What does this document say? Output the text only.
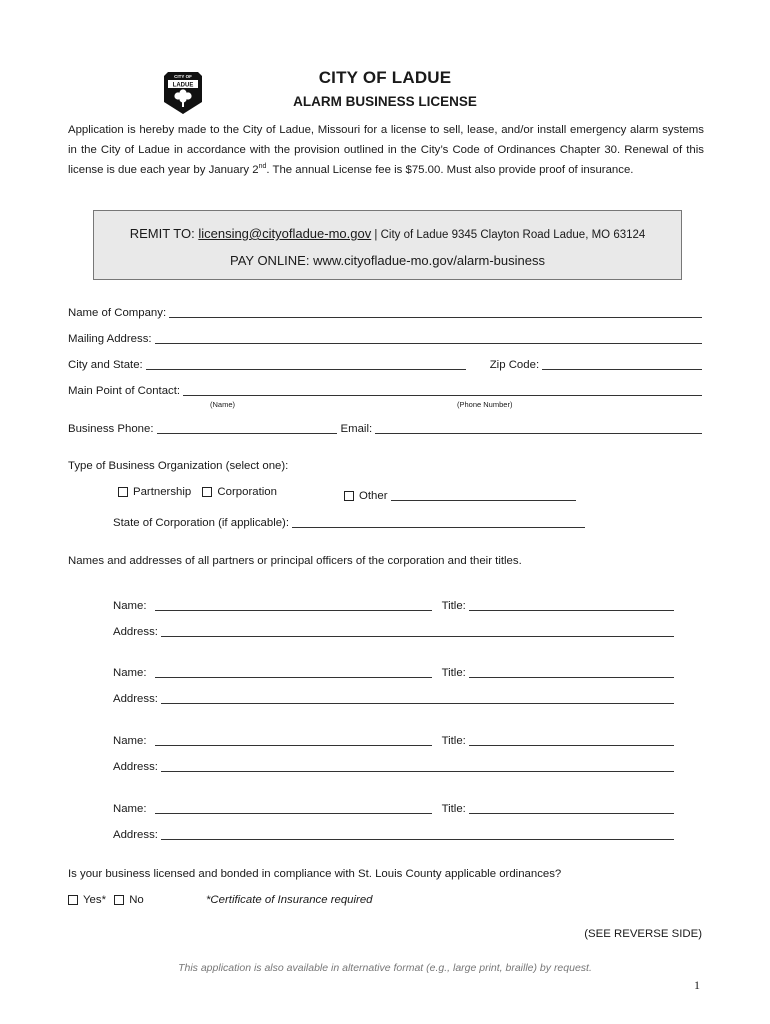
CITY OF
LADUE	CITY OF LADUE
ALARM BUSINESS LICENSE
Application is hereby made to the City of Ladue, Missouri for a license to sell, lease, and/or install emergency alarm systems in the City of Ladue in accordance with the provision outlined in the City’s Code of Ordinances Chapter 30. Renewal of this license is due each year by January 2nd. The annual License fee is $75.00. Must also provide proof of insurance.
REMIT TO: licensing@cityofladue-mo.gov | City of Ladue 9345 Clayton Road Ladue, MO 63124
PAY ONLINE: www.cityofladue-mo.gov/alarm-business
Name of Company:
Mailing Address:
City and State:	Zip Code:
Main Point of Contact:
(Name)	(Phone Number)
Business Phone:	Email:
Type of Business Organization (select one):
Partnership
Corporation	Other
State of Corporation (if applicable):
Names and addresses of all partners or principal officers of the corporation and their titles.
Name:	Title:
Address:
Name:	Title:
Address:
Name:	Title:
Address:
Name:	Title:
Address:
Is your business licensed and bonded in compliance with St. Louis County applicable ordinances?
Yes*
No	*Certificate of Insurance required
(SEE REVERSE SIDE)
This application is also available in alternative format (e.g., large print, braille) by request.
1
